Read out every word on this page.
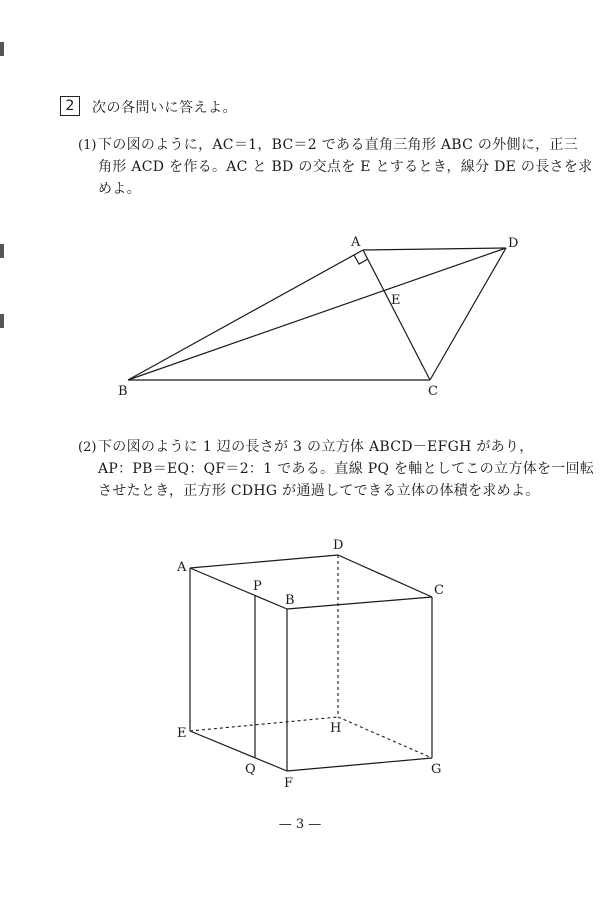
2	次の各問いに答えよ。
(1) 下の図のように，AC＝1，BC＝2 である直角三角形 ABC の外側に，正三
角形 ACD を作る。AC と BD の交点を E とするとき，線分 DE の長さを求
めよ。
A	D
E
B	C
D
A
P	C
B
H
E
Q	G
F
(2) 下の図のように 1 辺の長さが 3 の立方体 ABCD－EFGH があり，
AP：PB＝EQ：QF＝2：1 である。直線 PQ を軸としてこの立方体を一回転
させたとき，正方形 CDHG が通過してできる立体の体積を求めよ。
— 3 —
